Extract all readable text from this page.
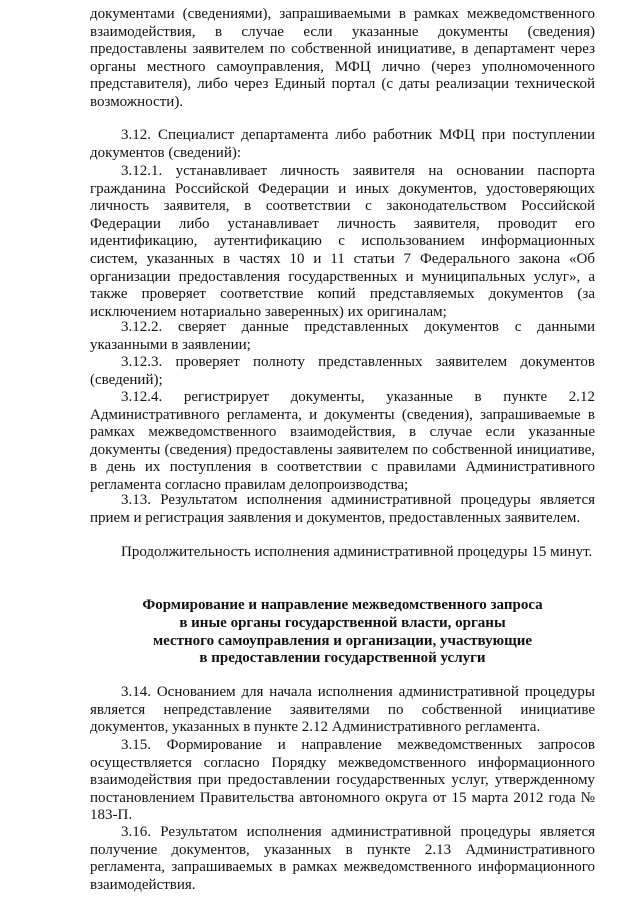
документами (сведениями), запрашиваемыми в рамках межведомственного взаимодействия, в случае если указанные документы (сведения) предоставлены заявителем по собственной инициативе, в департамент через органы местного самоуправления, МФЦ лично (через уполномоченного представителя), либо через Единый портал (с даты реализации технической возможности).

3.12. Специалист департамента либо работник МФЦ при поступлении документов (сведений):

3.12.1. устанавливает личность заявителя на основании паспорта гражданина Российской Федерации и иных документов, удостоверяющих личность заявителя, в соответствии с законодательством Российской Федерации либо устанавливает личность заявителя, проводит его идентификацию, аутентификацию с использованием информационных систем, указанных в частях 10 и 11 статьи 7 Федерального закона «Об организации предоставления государственных и муниципальных услуг», а также проверяет соответствие копий представляемых документов (за исключением нотариально заверенных) их оригиналам;

3.12.2. сверяет данные представленных документов с данными указанными в заявлении;

3.12.3. проверяет полноту представленных заявителем документов (сведений);

3.12.4. регистрирует документы, указанные в пункте 2.12 Административного регламента, и документы (сведения), запрашиваемые в рамках межведомственного взаимодействия, в случае если указанные документы (сведения) предоставлены заявителем по собственной инициативе, в день их поступления в соответствии с правилами Административного регламента согласно правилам делопроизводства;

3.13. Результатом исполнения административной процедуры является прием и регистрация заявления и документов, предоставленных заявителем.

Продолжительность исполнения административной процедуры 15 минут.

Формирование и направление межведомственного запроса
в иные органы государственной власти, органы
местного самоуправления и организации, участвующие
в предоставлении государственной услуги

3.14. Основанием для начала исполнения административной процедуры является непредставление заявителями по собственной инициативе документов, указанных в пункте 2.12 Административного регламента.

3.15. Формирование и направление межведомственных запросов осуществляется согласно Порядку межведомственного информационного взаимодействия при предоставлении государственных услуг, утвержденному постановлением Правительства автономного округа от 15 марта 2012 года № 183-П.

3.16. Результатом исполнения административной процедуры является получение документов, указанных в пункте 2.13 Административного регламента, запрашиваемых в рамках межведомственного информационного взаимодействия.
